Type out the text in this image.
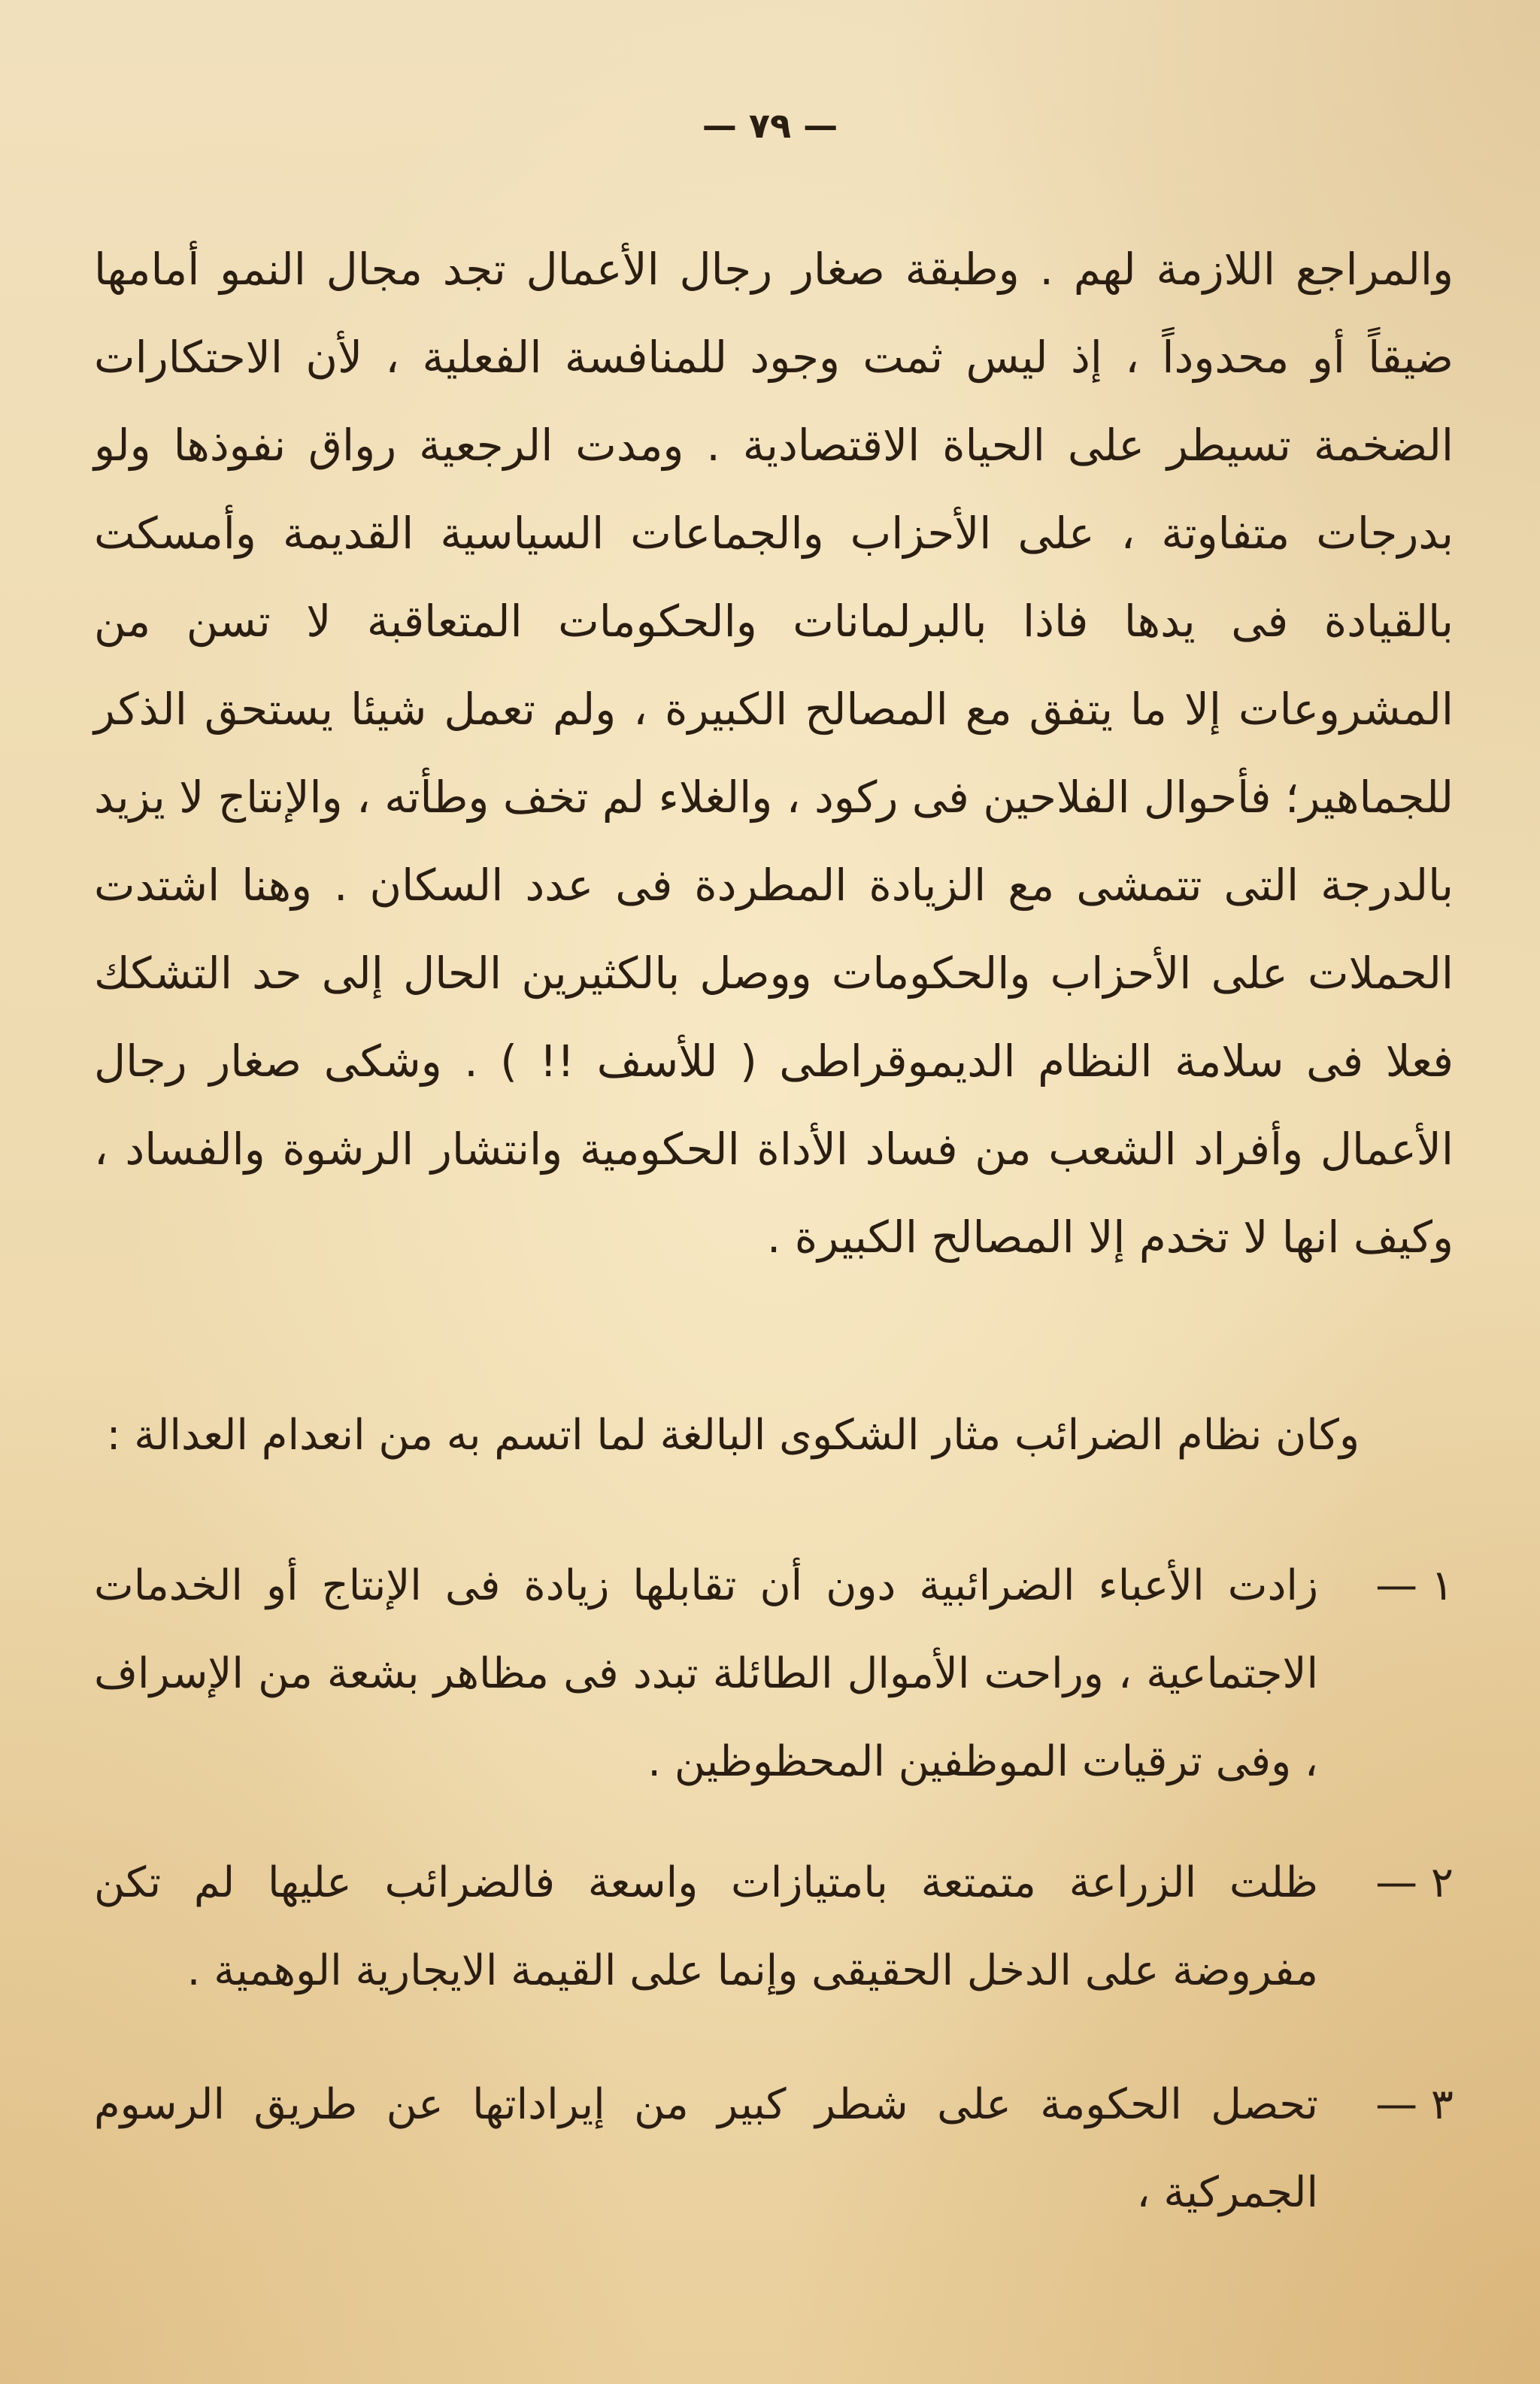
— ٧٩ —

والمراجع اللازمة لهم . وطبقة صغار رجال الأعمال تجد مجال النمو أمامها ضيقاً أو محدوداً ، إذ ليس ثمت وجود للمنافسة الفعلية ، لأن الاحتكارات الضخمة تسيطر على الحياة الاقتصادية . ومدت الرجعية رواق نفوذها ولو بدرجات متفاوتة ، على الأحزاب والجماعات السياسية القديمة وأمسكت بالقيادة فى يدها فاذا بالبرلمانات والحكومات المتعاقبة لا تسن من المشروعات إلا ما يتفق مع المصالح الكبيرة ، ولم تعمل شيئا يستحق الذكر للجماهير؛ فأحوال الفلاحين فى ركود ، والغلاء لم تخف وطأته ، والإنتاج لا يزيد بالدرجة التى تتمشى مع الزيادة المطردة فى عدد السكان . وهنا اشتدت الحملات على الأحزاب والحكومات ووصل بالكثيرين الحال إلى حد التشكك فعلا فى سلامة النظام الديموقراطى ( للأسف !! ) . وشكى صغار رجال الأعمال وأفراد الشعب من فساد الأداة الحكومية وانتشار الرشوة والفساد ، وكيف انها لا تخدم إلا المصالح الكبيرة .

وكان نظام الضرائب مثار الشكوى البالغة لما اتسم به من انعدام العدالة :

١ —
زادت الأعباء الضرائبية دون أن تقابلها زيادة فى الإنتاج أو الخدمات الاجتماعية ، وراحت الأموال الطائلة تبدد فى مظاهر بشعة من الإسراف ، وفى ترقيات الموظفين المحظوظين .
٢ —
ظلت الزراعة متمتعة بامتيازات واسعة فالضرائب عليها لم تكن مفروضة على الدخل الحقيقى وإنما على القيمة الايجارية الوهمية .
٣ —
تحصل الحكومة على شطر كبير من إيراداتها عن طريق الرسوم الجمركية ،
